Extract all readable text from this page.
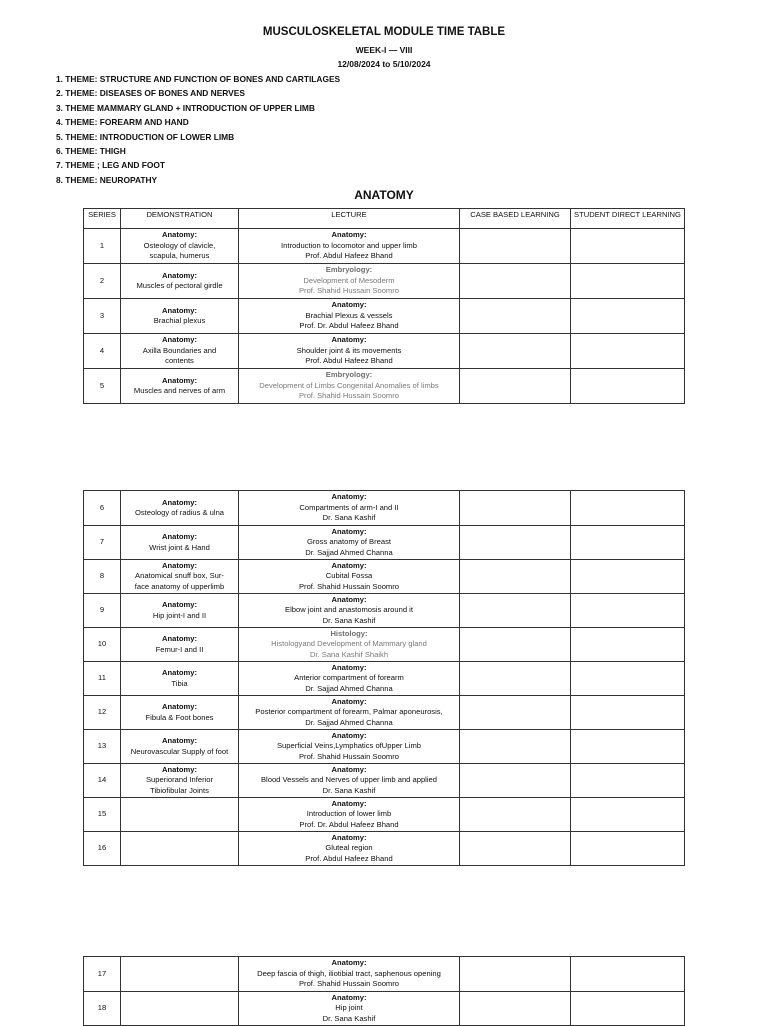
MUSCULOSKELETAL MODULE TIME TABLE
WEEK-I — VIII
12/08/2024 to 5/10/2024
1. THEME: STRUCTURE AND FUNCTION OF BONES AND CARTILAGES
2. THEME: DISEASES OF BONES AND NERVES
3. THEME MAMMARY GLAND + INTRODUCTION OF UPPER LIMB
4. THEME: FOREARM AND HAND
5. THEME: INTRODUCTION OF LOWER LIMB
6. THEME: THIGH
7. THEME ; LEG AND FOOT
8. THEME: NEUROPATHY
ANATOMY
SERIES	DEMONSTRATION	LECTURE	CASE BASED LEARNING	STUDENT DIRECT LEARNING
1	Anatomy:
Osteology of clavicle,
scapula, humerus	Anatomy:
Introduction to locomotor and upper limb
Prof. Abdul Hafeez Bhand		

2	Anatomy:
Muscles of pectoral girdle	Embryology:
Development of Mesoderm
Prof. Shahid Hussain Soomro		

3	Anatomy:
Brachial plexus	Anatomy:
Brachial Plexus & vessels
Prof. Dr. Abdul Hafeez Bhand		

4	Anatomy:
Axilla Boundaries and
contents	Anatomy:
Shoulder joint & its movements
Prof. Abdul Hafeez Bhand		

5	Anatomy:
Muscles and nerves of arm	Embryology:
Development of Limbs Congenital Anomalies of limbs
Prof. Shahid Hussain Soomro		

6	Anatomy:
Osteology of radius & ulna	Anatomy:
Compartments of arm-I and II
Dr. Sana Kashif		

7	Anatomy:
Wrist joint & Hand	Anatomy:
Gross anatomy of Breast
Dr. Sajjad Ahmed Channa		

8	Anatomy:
Anatomical snuff box, Sur-
face anatomy of upperlimb	Anatomy:
Cubital Fossa
Prof. Shahid Hussain Soomro		

9	Anatomy:
Hip joint-I and II	Anatomy:
Elbow joint and anastomosis around it
Dr. Sana Kashif		

10	Anatomy:
Femur-I and II	Histology:
Histologyand Development of Mammary gland
Dr. Sana Kashif Shaikh		

11	Anatomy:
Tibia	Anatomy:
Anterior compartment of forearm
Dr. Sajjad Ahmed Channa		

12	Anatomy:
Fibula & Foot bones	Anatomy:
Posterior compartment of forearm, Palmar aponeurosis,
Dr. Sajjad Ahmed Channa		

13	Anatomy:
Neurovascular Supply of foot	Anatomy:
Superficial Veins,Lymphatics ofUpper Limb
Prof. Shahid Hussain Soomro		

14	Anatomy:
Superiorand Inferior
Tibiofibular Joints	Anatomy:
Blood Vessels and Nerves of upper limb and applied
Dr. Sana Kashif		

15		Anatomy:
Introduction of lower limb
Prof. Dr. Abdul Hafeez Bhand		

16		Anatomy:
Gluteal region
Prof. Abdul Hafeez Bhand		

17		Anatomy:
Deep fascia of thigh, iliotibial tract, saphenous opening
Prof. Shahid Hussain Soomro		

18		Anatomy:
Hip joint
Dr. Sana Kashif		
